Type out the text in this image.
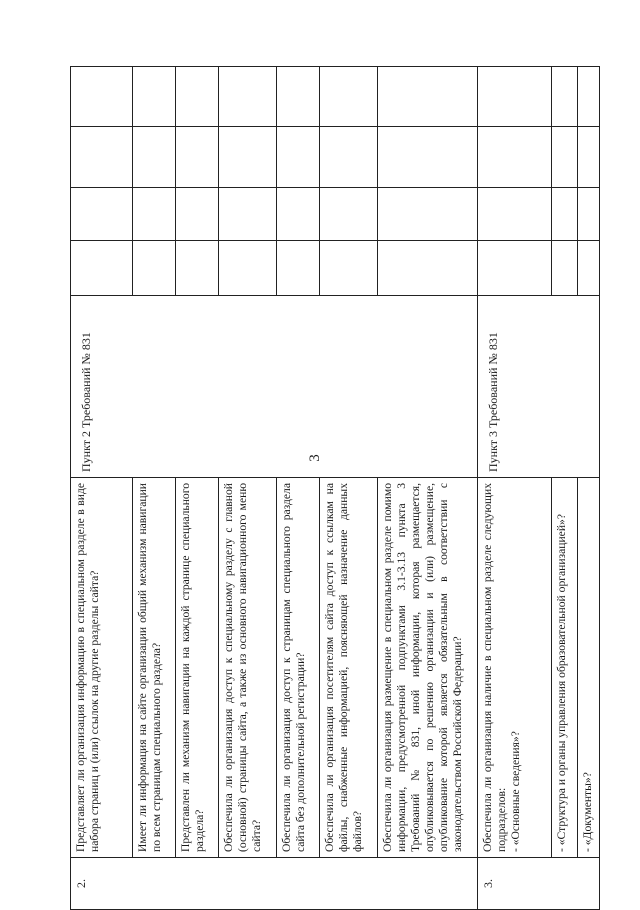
3
2.	Представляет ли организация информацию в специальном разделе в виде набора страниц и (или) ссылок на другие разделы сайта?	Пункт 2 Требований № 831				
	Имеет ли информация на сайте организации общий механизм навигации по всем страницам специального раздела?					
	Представлен ли механизм навигации на каждой странице специального раздела?					
	Обеспечила ли организация доступ к специальному разделу с главной (основной) страницы сайта, а также из основного навигационного меню сайта?					
	Обеспечила ли организация доступ к страницам специального раздела сайта без дополнительной регистрации?					
	Обеспечила ли организация посетителям сайта доступ к ссылкам на файлы, снабженные информацией, поясняющей назначение данных файлов?					
	Обеспечила ли организация размещение в специальном разделе помимо информации, предусмотренной подпунктами 3.1-3.13 пункта 3 Требований № 831, иной информации, которая размещается, опубликовывается по решению организации и (или) размещение, опубликование которой является обязательным в соответствии с законодательством Российской Федерации?					
3.	Обеспечила ли организация наличие в специальном разделе следующих подразделов:
- «Основные сведения»?	Пункт 3 Требований № 831				
	- «Структура и органы управления образовательной организацией»?					
	- «Документы»?					
